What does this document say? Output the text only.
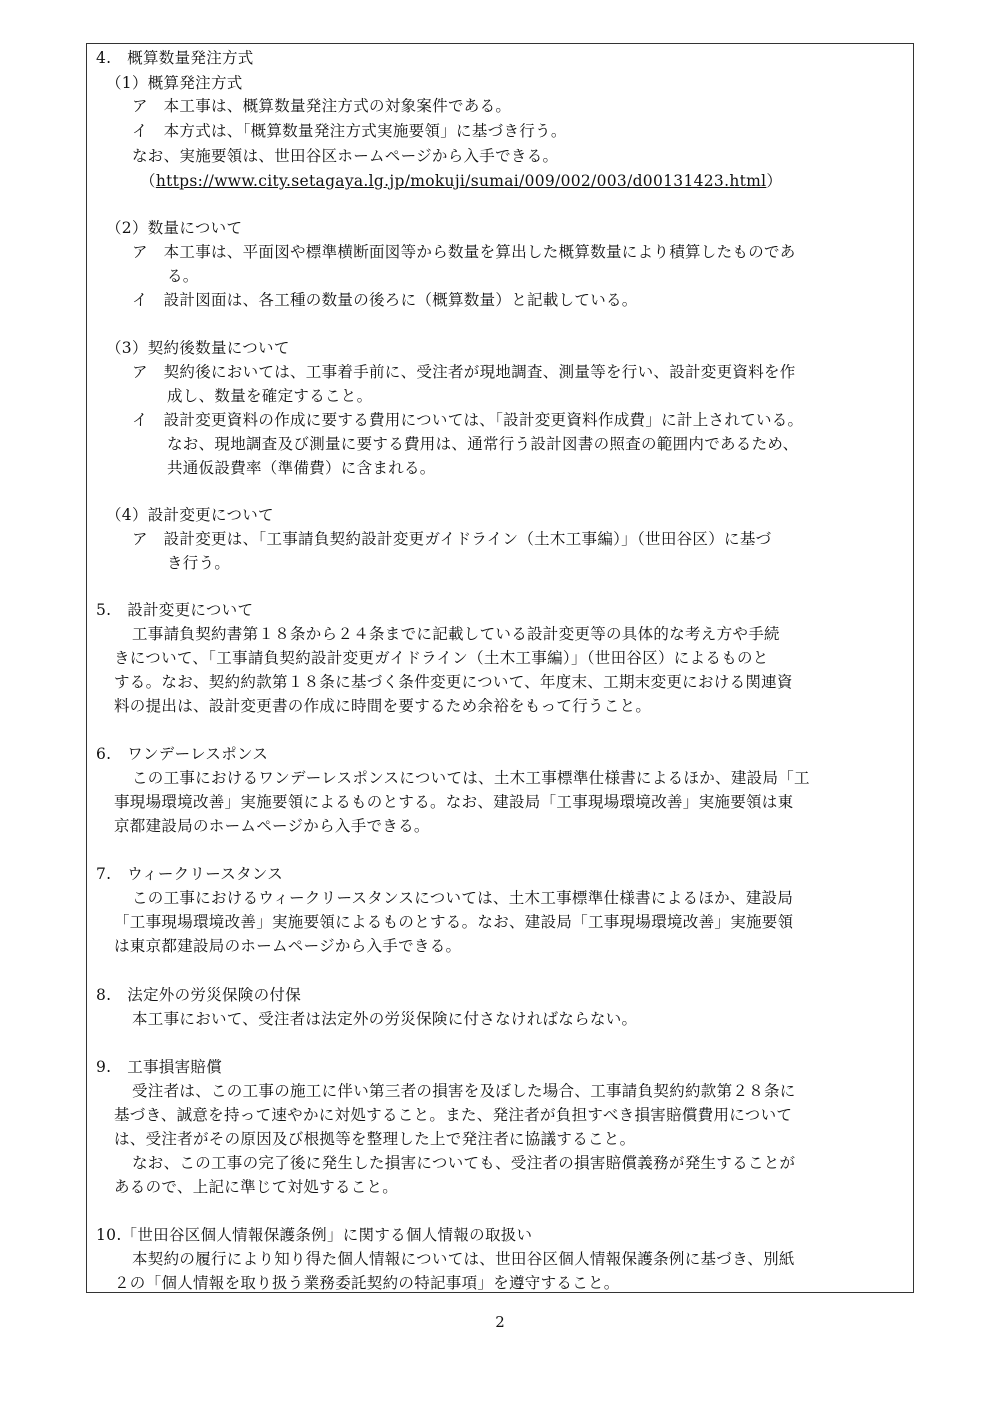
4.　概算数量発注方式
（1）概算発注方式
ア　本工事は、概算数量発注方式の対象案件である。
イ　本方式は、「概算数量発注方式実施要領」に基づき行う。
なお、実施要領は、世田谷区ホームページから入手できる。
（https://www.city.setagaya.lg.jp/mokuji/sumai/009/002/003/d00131423.html）
（2）数量について
ア　本工事は、平面図や標準横断面図等から数量を算出した概算数量により積算したものであ
る。
イ　設計図面は、各工種の数量の後ろに（概算数量）と記載している。
（3）契約後数量について
ア　契約後においては、工事着手前に、受注者が現地調査、測量等を行い、設計変更資料を作
成し、数量を確定すること。
イ　設計変更資料の作成に要する費用については、「設計変更資料作成費」に計上されている。
なお、現地調査及び測量に要する費用は、通常行う設計図書の照査の範囲内であるため、
共通仮設費率（準備費）に含まれる。
（4）設計変更について
ア　設計変更は、「工事請負契約設計変更ガイドライン（土木工事編）」（世田谷区）に基づ
き行う。
5.　設計変更について
工事請負契約書第１８条から２４条までに記載している設計変更等の具体的な考え方や手続
きについて、「工事請負契約設計変更ガイドライン（土木工事編）」（世田谷区）によるものと
する。なお、契約約款第１８条に基づく条件変更について、年度末、工期末変更における関連資
料の提出は、設計変更書の作成に時間を要するため余裕をもって行うこと。
6.　ワンデーレスポンス
この工事におけるワンデーレスポンスについては、土木工事標準仕様書によるほか、建設局「工
事現場環境改善」実施要領によるものとする。なお、建設局「工事現場環境改善」実施要領は東
京都建設局のホームページから入手できる。
7.　ウィークリースタンス
この工事におけるウィークリースタンスについては、土木工事標準仕様書によるほか、建設局
「工事現場環境改善」実施要領によるものとする。なお、建設局「工事現場環境改善」実施要領
は東京都建設局のホームページから入手できる。
8.　法定外の労災保険の付保
本工事において、受注者は法定外の労災保険に付さなければならない。
9.　工事損害賠償
受注者は、この工事の施工に伴い第三者の損害を及ぼした場合、工事請負契約約款第２８条に
基づき、誠意を持って速やかに対処すること。また、発注者が負担すべき損害賠償費用について
は、受注者がその原因及び根拠等を整理した上で発注者に協議すること。
なお、この工事の完了後に発生した損害についても、受注者の損害賠償義務が発生することが
あるので、上記に準じて対処すること。
10.「世田谷区個人情報保護条例」に関する個人情報の取扱い
本契約の履行により知り得た個人情報については、世田谷区個人情報保護条例に基づき、別紙
２の「個人情報を取り扱う業務委託契約の特記事項」を遵守すること。
2
